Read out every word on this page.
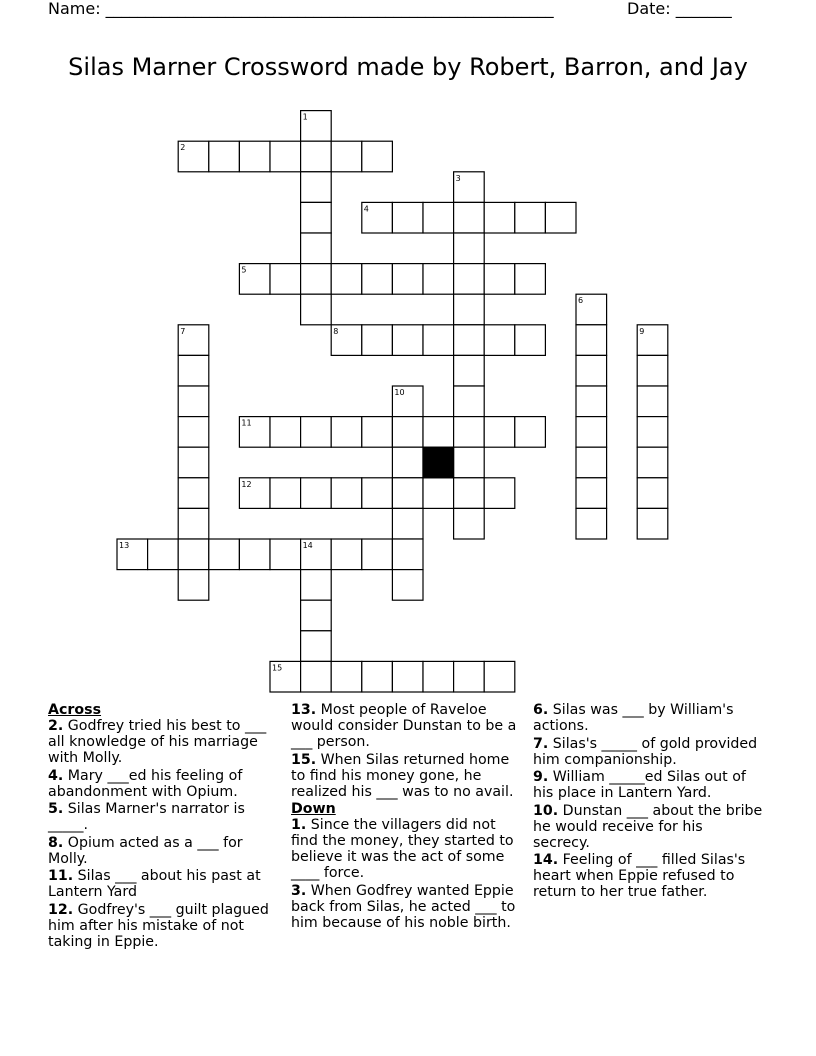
Name: ________________________________________________________	Date: _______
Silas Marner Crossword made by Robert, Barron, and Jay
1
2
3
4
5
6
7	8	9
10
11
12
13	14
15
Across

2. Godfrey tried his best to ___ all knowledge of his marriage with Molly.

4. Mary ___ed his feeling of abandonment with Opium.

5. Silas Marner's narrator is _____.

8. Opium acted as a ___ for Molly.

11. Silas ___ about his past at Lantern Yard

12. Godfrey's ___ guilt plagued him after his mistake of not taking in Eppie.

13. Most people of Raveloe would consider Dunstan to be a ___ person.

15. When Silas returned home to find his money gone, he realized his ___ was to no avail.

Down

1. Since the villagers did not find the money, they started to believe it was the act of some ____ force.

3. When Godfrey wanted Eppie back from Silas, he acted ___ to him because of his noble birth.

6. Silas was ___ by William's actions.

7. Silas's _____ of gold provided him companionship.

9. William _____ed Silas out of his place in Lantern Yard.

10. Dunstan ___ about the bribe he would receive for his secrecy.

14. Feeling of ___ filled Silas's heart when Eppie refused to return to her true father.
